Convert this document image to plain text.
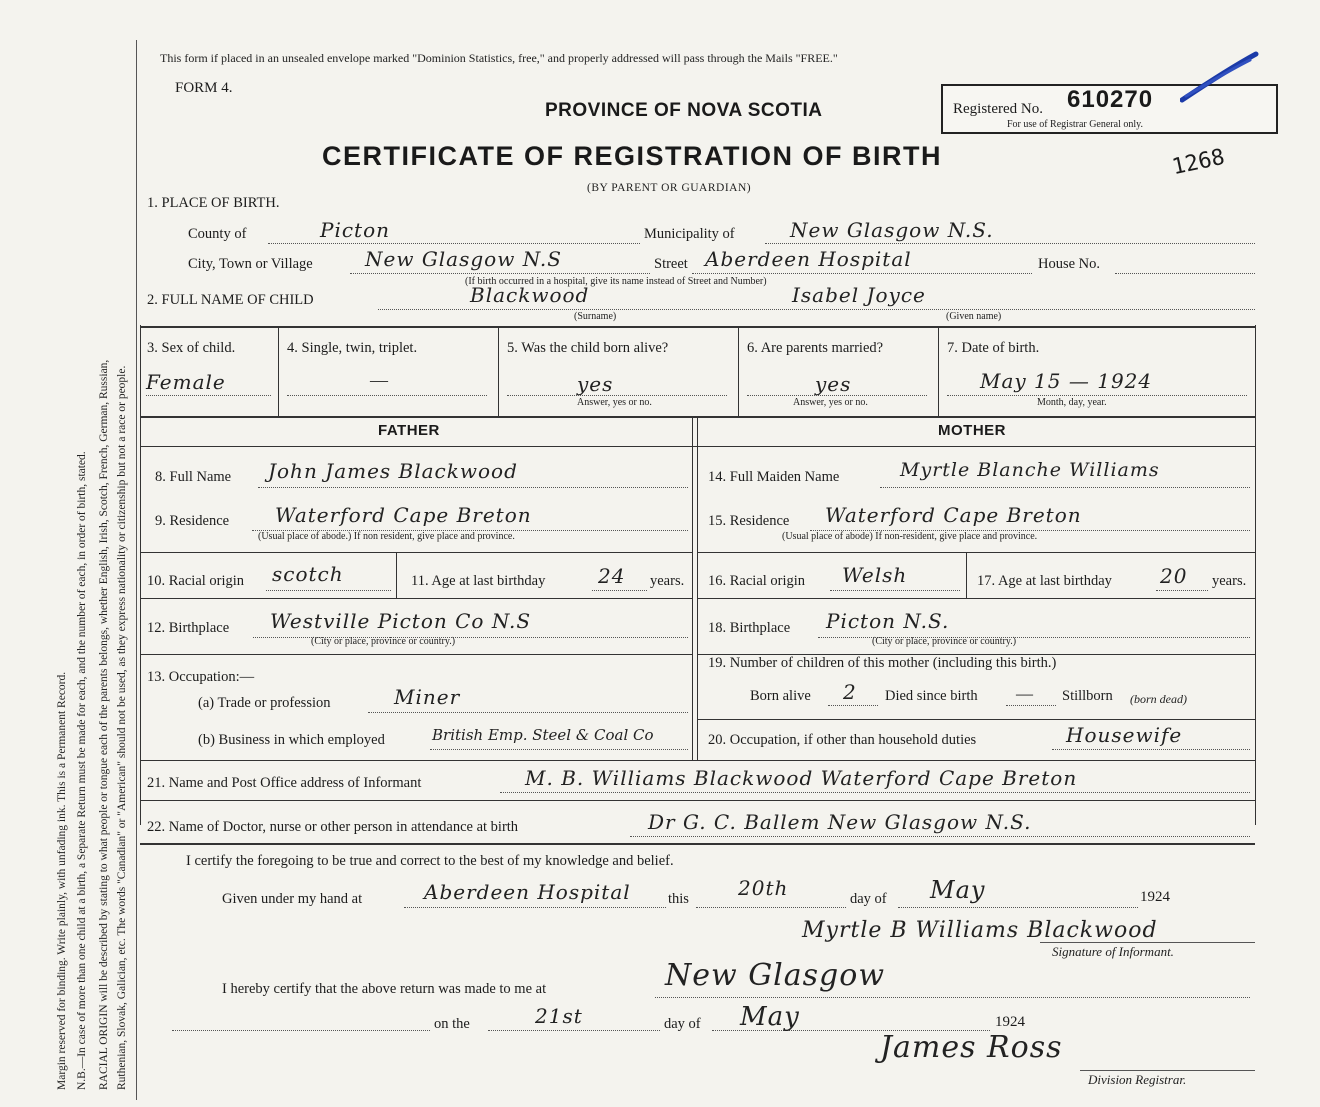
Margin reserved for binding. Write plainly, with unfading ink. This is a Permanent Record. N.B.—In case of more than one child at a birth, a Separate Return must be made for each, and the number of each, in order of birth, stated. RACIAL ORIGIN will be described by stating to what people or tongue each of the parents belongs, whether English, Irish, Scotch, French, German, Russian, Ruthenian, Slovak, Galician, etc. The words "Canadian" or "American" should not be used, as they express nationality or citizenship but not a race or people.
This form if placed in an unsealed envelope marked "Dominion Statistics, free," and properly addressed will pass through the Mails "FREE."
FORM 4.
PROVINCE OF NOVA SCOTIA
CERTIFICATE OF REGISTRATION OF BIRTH
(BY PARENT OR GUARDIAN)
Registered No. 610270
For use of Registrar General only.
1268
1. PLACE OF BIRTH.
County of	Picton	Municipality of	New Glasgow N.S.
City, Town or Village	New Glasgow N.S	Street Aberdeen Hospital	House No.
(If birth occurred in a hospital, give its name instead of Street and Number)
2. FULL NAME OF CHILD	Blackwood	Isabel Joyce
(Surname)	(Given name)
3. Sex of child.
Female
4. Single, twin, triplet.
—
5. Was the child born alive?
yes
Answer, yes or no.
6. Are parents married?
yes
Answer, yes or no.
7. Date of birth.
May 15 — 1924
Month, day, year.
FATHER	MOTHER
8. Full Name John James Blackwood
9. Residence Waterford Cape Breton
(Usual place of abode.) If non resident, give place and province.
10. Racial origin scotch	11. Age at last birthday	24 years.
12. Birthplace Westville Picton Co N.S
(City or place, province or country.)
13. Occupation:—
(a) Trade or profession	Miner
(b) Business in which employed	British Emp. Steel & Coal Co
14. Full Maiden Name	Myrtle Blanche Williams
15. Residence Waterford Cape Breton
(Usual place of abode) If non-resident, give place and province.
16. Racial origin Welsh	17. Age at last birthday 20 years.
18. Birthplace Picton N.S.
(City or place, province or country.)
19. Number of children of this mother (including this birth.)
Born alive 2 Died since birth — Stillborn (born dead)
20. Occupation, if other than household duties	Housewife
21. Name and Post Office address of Informant	M. B. Williams Blackwood Waterford Cape Breton
22. Name of Doctor, nurse or other person in attendance at birth	Dr G. C. Ballem New Glasgow N.S.
I certify the foregoing to be true and correct to the best of my knowledge and belief.
Given under my hand at	Aberdeen Hospital	this 20th	day of May	1924
Myrtle B Williams Blackwood
Signature of Informant.
I hereby certify that the above return was made to me at	New Glasgow
on the	21st	day of May	1924
James Ross
Division Registrar.
